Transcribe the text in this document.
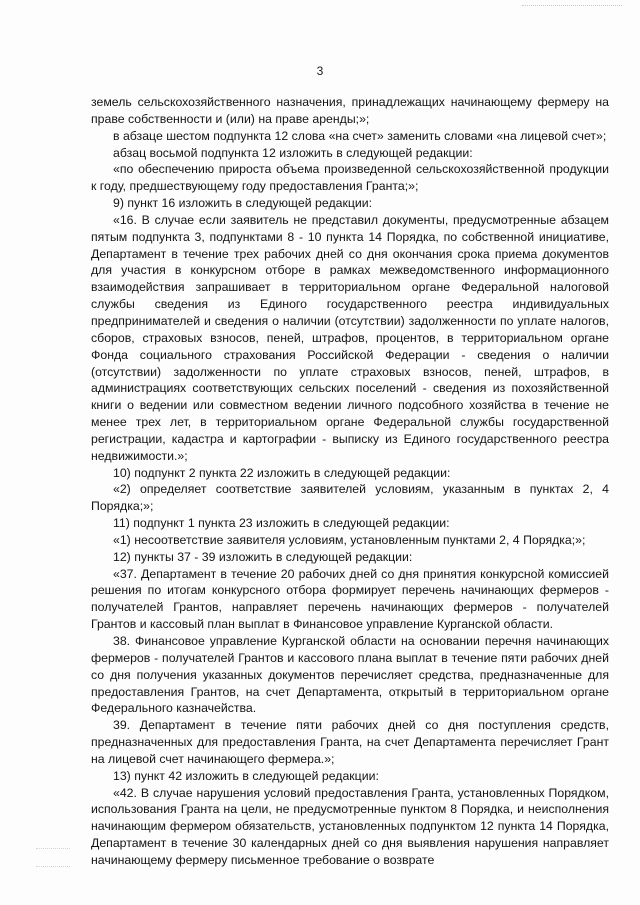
3

земель сельскохозяйственного назначения, принадлежащих начинающему фермеру на праве собственности и (или) на праве аренды;»;

в абзаце шестом подпункта 12 слова «на счет» заменить словами «на лицевой счет»;

абзац восьмой подпункта 12 изложить в следующей редакции:

«по обеспечению прироста объема произведенной сельскохозяйственной продукции к году, предшествующему году предоставления Гранта;»;

9) пункт 16 изложить в следующей редакции:

«16. В случае если заявитель не представил документы, предусмотренные абзацем пятым подпункта 3, подпунктами 8 - 10 пункта 14 Порядка, по собственной инициативе, Департамент в течение трех рабочих дней со дня окончания срока приема документов для участия в конкурсном отборе в рамках межведомственного информационного взаимодействия запрашивает в территориальном органе Федеральной налоговой службы сведения из Единого государственного реестра индивидуальных предпринимателей и сведения о наличии (отсутствии) задолженности по уплате налогов, сборов, страховых взносов, пеней, штрафов, процентов, в территориальном органе Фонда социального страхования Российской Федерации - сведения о наличии (отсутствии) задолженности по уплате страховых взносов, пеней, штрафов, в администрациях соответствующих сельских поселений - сведения из похозяйственной книги о ведении или совместном ведении личного подсобного хозяйства в течение не менее трех лет, в территориальном органе Федеральной службы государственной регистрации, кадастра и картографии - выписку из Единого государственного реестра недвижимости.»;

10) подпункт 2 пункта 22 изложить в следующей редакции:

«2) определяет соответствие заявителей условиям, указанным в пунктах 2, 4 Порядка;»;

11) подпункт 1 пункта 23 изложить в следующей редакции:

«1) несоответствие заявителя условиям, установленным пунктами 2, 4 Порядка;»;

12) пункты 37 - 39 изложить в следующей редакции:

«37. Департамент в течение 20 рабочих дней со дня принятия конкурсной комиссией решения по итогам конкурсного отбора формирует перечень начинающих фермеров - получателей Грантов, направляет перечень начинающих фермеров - получателей Грантов и кассовый план выплат в Финансовое управление Курганской области.

38. Финансовое управление Курганской области на основании перечня начинающих фермеров - получателей Грантов и кассового плана выплат в течение пяти рабочих дней со дня получения указанных документов перечисляет средства, предназначенные для предоставления Грантов, на счет Департамента, открытый в территориальном органе Федерального казначейства.

39. Департамент в течение пяти рабочих дней со дня поступления средств, предназначенных для предоставления Гранта, на счет Департамента перечисляет Грант на лицевой счет начинающего фермера.»;

13) пункт 42 изложить в следующей редакции:

«42. В случае нарушения условий предоставления Гранта, установленных Порядком, использования Гранта на цели, не предусмотренные пунктом 8 Порядка, и неисполнения начинающим фермером обязательств, установленных подпунктом 12 пункта 14 Порядка, Департамент в течение 30 календарных дней со дня выявления нарушения направляет начинающему фермеру письменное требование о возврате
